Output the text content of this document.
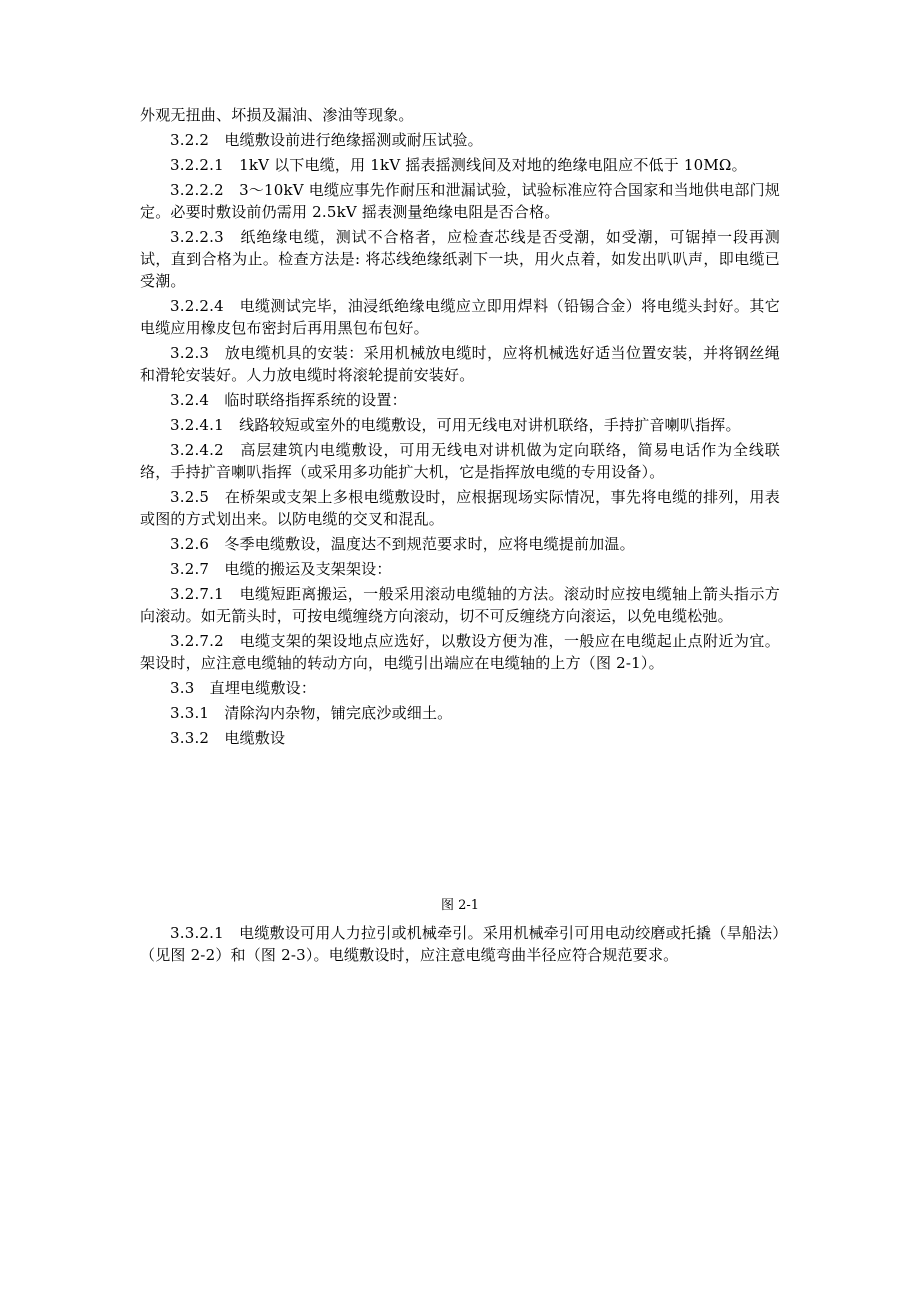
外观无扭曲、坏损及漏油、渗油等现象。

3.2.2　电缆敷设前进行绝缘摇测或耐压试验。

3.2.2.1　1kV 以下电缆，用 1kV 摇表摇测线间及对地的绝缘电阻应不低于 10MΩ。

3.2.2.2　3～10kV 电缆应事先作耐压和泄漏试验，试验标准应符合国家和当地供电部门规定。必要时敷设前仍需用 2.5kV 摇表测量绝缘电阻是否合格。

3.2.2.3　纸绝缘电缆，测试不合格者，应检查芯线是否受潮，如受潮，可锯掉一段再测试，直到合格为止。检查方法是: 将芯线绝缘纸剥下一块，用火点着，如发出叭叭声，即电缆已受潮。

3.2.2.4　电缆测试完毕，油浸纸绝缘电缆应立即用焊料（铅锡合金）将电缆头封好。其它电缆应用橡皮包布密封后再用黑包布包好。

3.2.3　放电缆机具的安装：采用机械放电缆时，应将机械选好适当位置安装，并将钢丝绳和滑轮安装好。人力放电缆时将滚轮提前安装好。

3.2.4　临时联络指挥系统的设置：

3.2.4.1　线路较短或室外的电缆敷设，可用无线电对讲机联络，手持扩音喇叭指挥。

3.2.4.2　高层建筑内电缆敷设，可用无线电对讲机做为定向联络，简易电话作为全线联络，手持扩音喇叭指挥（或采用多功能扩大机，它是指挥放电缆的专用设备）。

3.2.5　在桥架或支架上多根电缆敷设时，应根据现场实际情况，事先将电缆的排列，用表或图的方式划出来。以防电缆的交叉和混乱。

3.2.6　冬季电缆敷设，温度达不到规范要求时，应将电缆提前加温。

3.2.7　电缆的搬运及支架架设：

3.2.7.1　电缆短距离搬运，一般采用滚动电缆轴的方法。滚动时应按电缆轴上箭头指示方向滚动。如无箭头时，可按电缆缠绕方向滚动，切不可反缠绕方向滚运，以免电缆松弛。

3.2.7.2　电缆支架的架设地点应选好，以敷设方便为准，一般应在电缆起止点附近为宜。架设时，应注意电缆轴的转动方向，电缆引出端应在电缆轴的上方（图 2-1）。

3.3　直埋电缆敷设：

3.3.1　清除沟内杂物，铺完底沙或细土。

3.3.2　电缆敷设

图 2-1

3.3.2.1　电缆敷设可用人力拉引或机械牵引。采用机械牵引可用电动绞磨或托撬（旱船法）（见图 2-2）和（图 2-3）。电缆敷设时，应注意电缆弯曲半径应符合规范要求。
